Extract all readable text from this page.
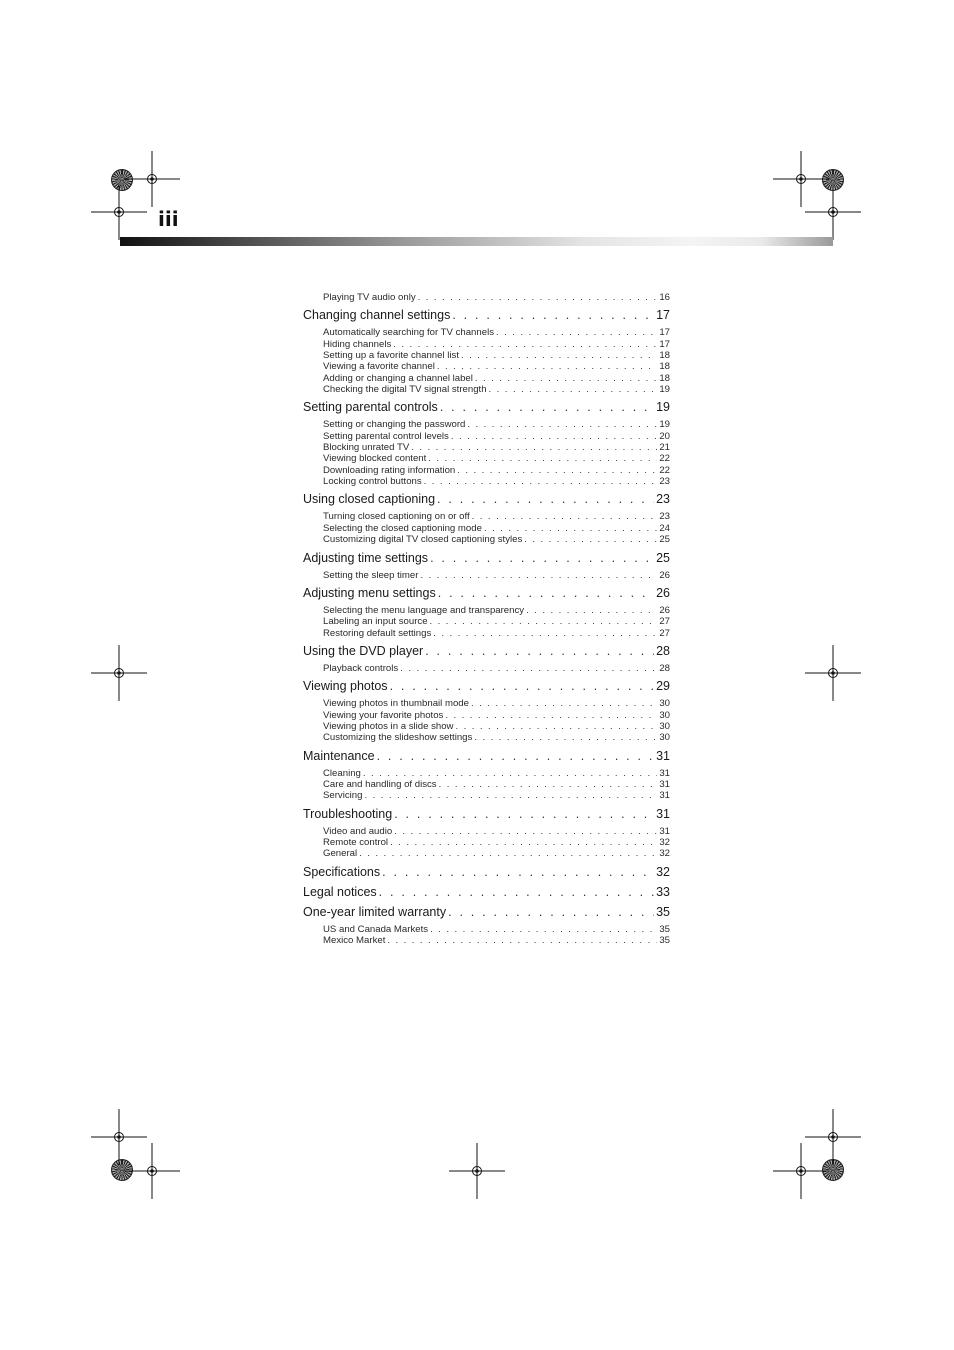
iii
Playing TV audio only . . .	16
Changing channel settings . . .	17
Automatically searching for TV channels . . .	17
Hiding channels . . .	17
Setting up a favorite channel list . . .	18
Viewing a favorite channel . . .	18
Adding or changing a channel label . . .	18
Checking the digital TV signal strength . . .	19
Setting parental controls . . .	19
Setting or changing the password . . .	19
Setting parental control levels . . .	20
Blocking unrated TV . . .	21
Viewing blocked content . . .	22
Downloading rating information . . .	22
Locking control buttons . . .	23
Using closed captioning . . .	23
Turning closed captioning on or off . . .	23
Selecting the closed captioning mode . . .	24
Customizing digital TV closed captioning styles . . .	25
Adjusting time settings . . .	25
Setting the sleep timer . . .	26
Adjusting menu settings . . .	26
Selecting the menu language and transparency . . .	26
Labeling an input source . . .	27
Restoring default settings . . .	27
Using the DVD player . . .	28
Playback controls . . .	28
Viewing photos . . .	29
Viewing photos in thumbnail mode . . .	30
Viewing your favorite photos . . .	30
Viewing photos in a slide show . . .	30
Customizing the slideshow settings . . .	30
Maintenance . . .	31
Cleaning . . .	31
Care and handling of discs . . .	31
Servicing . . .	31
Troubleshooting . . .	31
Video and audio . . .	31
Remote control . . .	32
General . . .	32
Specifications . . .	32
Legal notices . . .	33
One-year limited warranty . . .	35
US and Canada Markets . . .	35
Mexico Market . . .	35
